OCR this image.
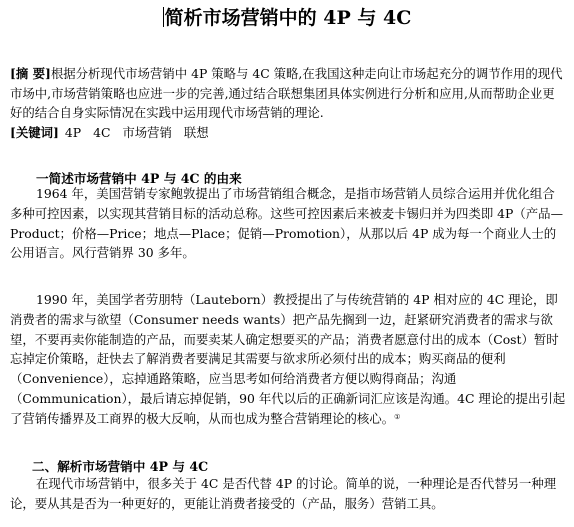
简析市场营销中的 4P 与 4C
[摘 要]根据分析现代市场营销中 4P 策略与 4C 策略,在我国这种走向让市场起充分的调节作用的现代市场中,市场营销策略也应进一步的完善,通过结合联想集团具体实例进行分析和应用,从而帮助企业更好的结合自身实际情况在实践中运用现代市场营销的理论.
[关键词] 4P 4C 市场营销 联想
一简述市场营销中 4P 与 4C 的由来
1964 年，美国营销专家鲍敦提出了市场营销组合概念，是指市场营销人员综合运用并优化组合多种可控因素，以实现其营销目标的活动总称。这些可控因素后来被麦卡锡归并为四类即 4P（产品—Product；价格—Price；地点—Place；促销—Promotion），从那以后 4P 成为每一个商业人士的公用语言。风行营销界 30 多年。
1990 年，美国学者劳朋特（Lauteborn）教授提出了与传统营销的 4P 相对应的 4C 理论，即消费者的需求与欲望（Consumer needs wants）把产品先搁到一边，赶紧研究消费者的需求与欲望，不要再卖你能制造的产品，而要卖某人确定想要买的产品；消费者愿意付出的成本（Cost）暂时忘掉定价策略，赶快去了解消费者要满足其需要与欲求所必须付出的成本；购买商品的便利（Convenience），忘掉通路策略，应当思考如何给消费者方便以购得商品；沟通（Communication），最后请忘掉促销，90 年代以后的正确新词汇应该是沟通。4C 理论的提出引起了营销传播界及工商界的极大反响，从而也成为整合营销理论的核心。①
二、解析市场营销中 4P 与 4C
在现代市场营销中，很多关于 4C 是否代替 4P 的讨论。简单的说，一种理论是否代替另一种理论，要从其是否为一种更好的，更能让消费者接受的（产品，服务）营销工具。
